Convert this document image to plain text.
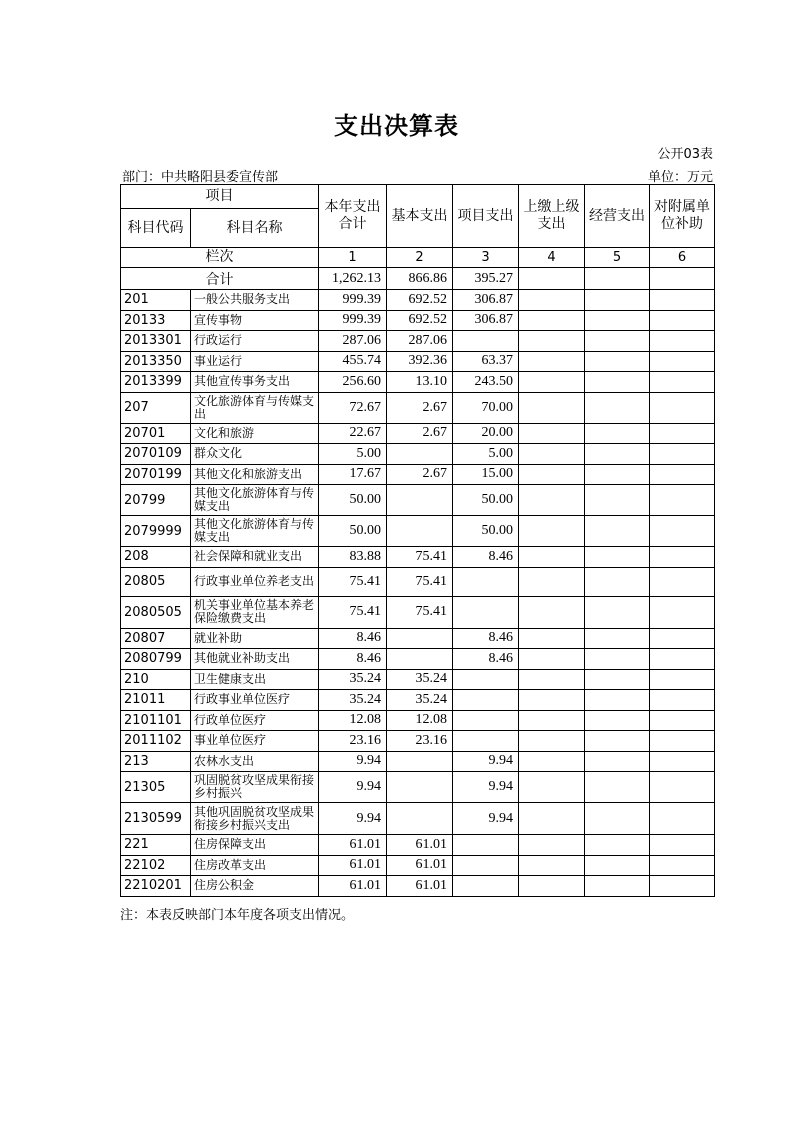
支出决算表
公开03表
部门：中共略阳县委宣传部	单位：万元
项目		本年支出合计	基本支出	项目支出	上缴上级支出	经营支出	对附属单位补助
科目代码	科目名称						
栏次		1	2	3	4	5	6
合计		1,262.13	866.86	395.27			
201	一般公共服务支出	999.39	692.52	306.87			
20133	宣传事物	999.39	692.52	306.87			
2013301	行政运行	287.06	287.06				
2013350	事业运行	455.74	392.36	63.37			
2013399	其他宣传事务支出	256.60	13.10	243.50			
207	文化旅游体育与传媒支出	72.67	2.67	70.00			
20701	文化和旅游	22.67	2.67	20.00			
2070109	群众文化	5.00		5.00			
2070199	其他文化和旅游支出	17.67	2.67	15.00			
20799	其他文化旅游体育与传媒支出	50.00		50.00			
2079999	其他文化旅游体育与传媒支出	50.00		50.00			
208	社会保障和就业支出	83.88	75.41	8.46			
20805	行政事业单位养老支出	75.41	75.41				
2080505	机关事业单位基本养老保险缴费支出	75.41	75.41				
20807	就业补助	8.46		8.46			
2080799	其他就业补助支出	8.46		8.46			
210	卫生健康支出	35.24	35.24				
21011	行政事业单位医疗	35.24	35.24				
2101101	行政单位医疗	12.08	12.08				
2011102	事业单位医疗	23.16	23.16				
213	农林水支出	9.94		9.94			
21305	巩固脱贫攻坚成果衔接乡村振兴	9.94		9.94			
2130599	其他巩固脱贫攻坚成果衔接乡村振兴支出	9.94		9.94			
221	住房保障支出	61.01	61.01				
22102	住房改革支出	61.01	61.01				
2210201	住房公积金	61.01	61.01				
注：本表反映部门本年度各项支出情况。
